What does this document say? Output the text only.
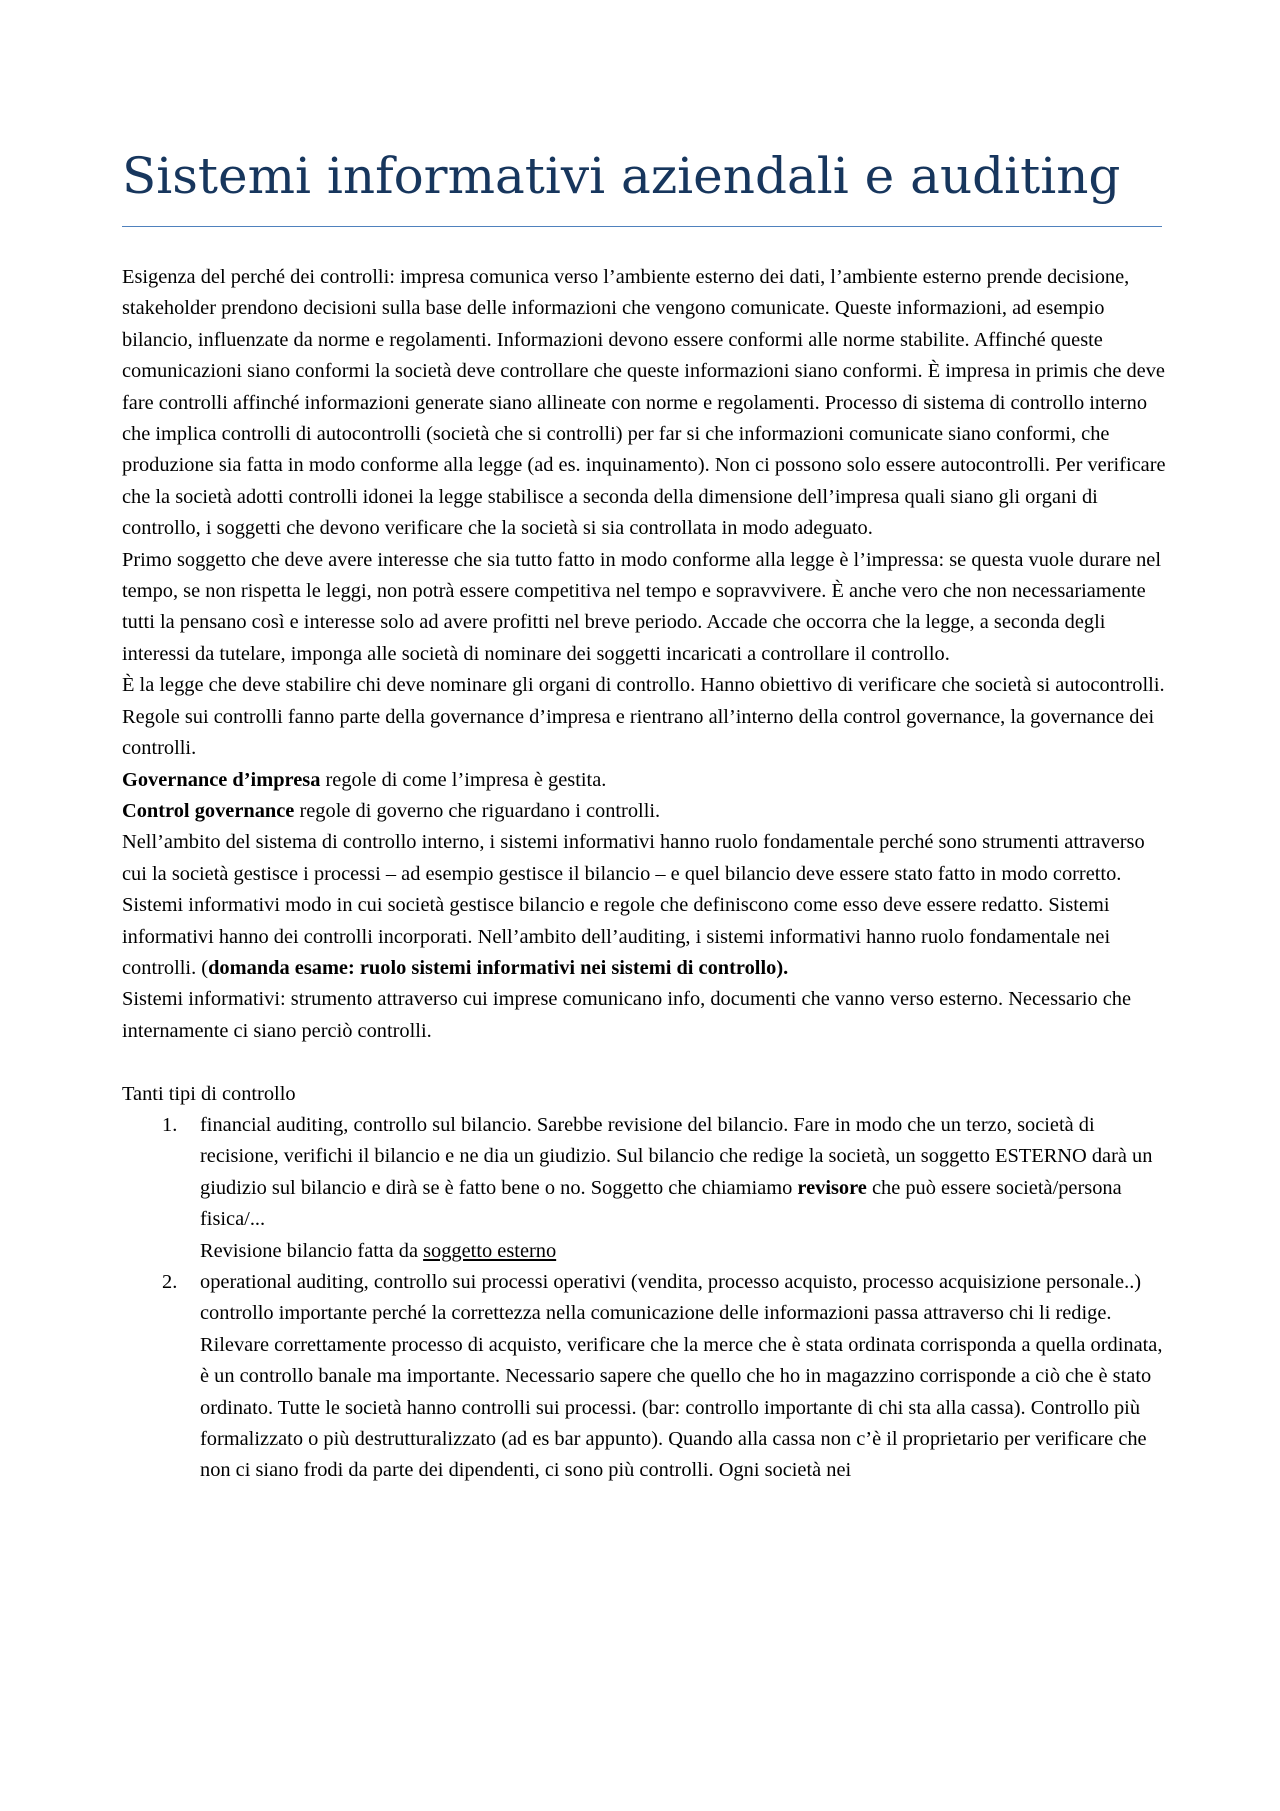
Sistemi informativi aziendali e auditing

Esigenza del perché dei controlli: impresa comunica verso l’ambiente esterno dei dati, l’ambiente esterno prende decisione, stakeholder prendono decisioni sulla base delle informazioni che vengono comunicate. Queste informazioni, ad esempio bilancio, influenzate da norme e regolamenti. Informazioni devono essere conformi alle norme stabilite. Affinché queste comunicazioni siano conformi la società deve controllare che queste informazioni siano conformi. È impresa in primis che deve fare controlli affinché informazioni generate siano allineate con norme e regolamenti. Processo di sistema di controllo interno che implica controlli di autocontrolli (società che si controlli) per far si che informazioni comunicate siano conformi, che produzione sia fatta in modo conforme alla legge (ad es. inquinamento). Non ci possono solo essere autocontrolli. Per verificare che la società adotti controlli idonei la legge stabilisce a seconda della dimensione dell’impresa quali siano gli organi di controllo, i soggetti che devono verificare che la società si sia controllata in modo adeguato.

Primo soggetto che deve avere interesse che sia tutto fatto in modo conforme alla legge è l’impressa: se questa vuole durare nel tempo, se non rispetta le leggi, non potrà essere competitiva nel tempo e sopravvivere. È anche vero che non necessariamente tutti la pensano così e interesse solo ad avere profitti nel breve periodo. Accade che occorra che la legge, a seconda degli interessi da tutelare, imponga alle società di nominare dei soggetti incaricati a controllare il controllo.

È la legge che deve stabilire chi deve nominare gli organi di controllo. Hanno obiettivo di verificare che società si autocontrolli.

Regole sui controlli fanno parte della governance d’impresa e rientrano all’interno della control governance, la governance dei controlli.

Governance d’impresa regole di come l’impresa è gestita.

Control governance regole di governo che riguardano i controlli.

Nell’ambito del sistema di controllo interno, i sistemi informativi hanno ruolo fondamentale perché sono strumenti attraverso cui la società gestisce i processi – ad esempio gestisce il bilancio – e quel bilancio deve essere stato fatto in modo corretto. Sistemi informativi modo in cui società gestisce bilancio e regole che definiscono come esso deve essere redatto. Sistemi informativi hanno dei controlli incorporati. Nell’ambito dell’auditing, i sistemi informativi hanno ruolo fondamentale nei controlli. (domanda esame: ruolo sistemi informativi nei sistemi di controllo).

Sistemi informativi: strumento attraverso cui imprese comunicano info, documenti che vanno verso esterno. Necessario che internamente ci siano perciò controlli.

Tanti tipi di controllo

1. financial auditing, controllo sul bilancio. Sarebbe revisione del bilancio. Fare in modo che un terzo, società di recisione, verifichi il bilancio e ne dia un giudizio. Sul bilancio che redige la società, un soggetto ESTERNO darà un giudizio sul bilancio e dirà se è fatto bene o no. Soggetto che chiamiamo revisore che può essere società/persona fisica/...
Revisione bilancio fatta da soggetto esterno
2. operational auditing, controllo sui processi operativi (vendita, processo acquisto, processo acquisizione personale..) controllo importante perché la correttezza nella comunicazione delle informazioni passa attraverso chi li redige. Rilevare correttamente processo di acquisto, verificare che la merce che è stata ordinata corrisponda a quella ordinata, è un controllo banale ma importante. Necessario sapere che quello che ho in magazzino corrisponde a ciò che è stato ordinato. Tutte le società hanno controlli sui processi. (bar: controllo importante di chi sta alla cassa). Controllo più formalizzato o più destrutturalizzato (ad es bar appunto). Quando alla cassa non c’è il proprietario per verificare che non ci siano frodi da parte dei dipendenti, ci sono più controlli. Ogni società nei
